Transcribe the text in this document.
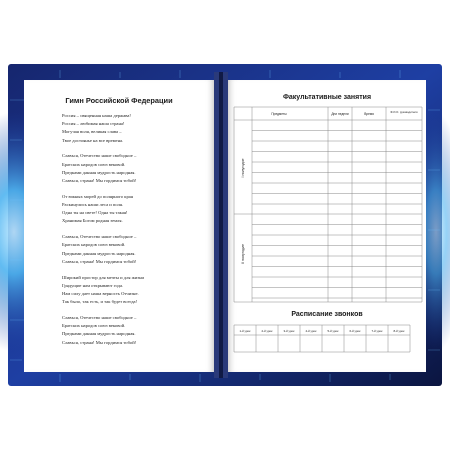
Гимн Российской Федерации
Россия – священная наша держава!
Россия – любимая наша страна!
Могучая воля, великая слава –
Твое достоянье на все времена.
Славься, Отечество наше свободное –
Братских народов союз вековой.
Предками данная мудрость народная.
Славься, страна! Мы гордимся тобой!
От южных морей до полярного края
Раскинулись наши леса и поля.
Одна ты на свете! Одна ты такая!
Хранимая Богом родная земля.
Славься, Отечество наше свободное –
Братских народов союз вековой.
Предками данная мудрость народная.
Славься, страна! Мы гордимся тобой!
Широкий простор для мечты и для жизни
Грядущие нам открывают года.
Нам силу дает наша верность Отчизне.
Так было, так есть, и так будет всегда!
Славься, Отечество наше свободное –
Братских народов союз вековой.
Предками данная мудрость народная.
Славься, страна! Мы гордимся тобой!
Факультативные занятия
Предметы	Дни недели	Время	Ф.И.О. руководителя
I полугодие
II полугодие
1-й урок	2-й урок	3-й урок	4-й урок	5-й урок	6-й урок	7-й урок	8-й урок
Расписание звонков
